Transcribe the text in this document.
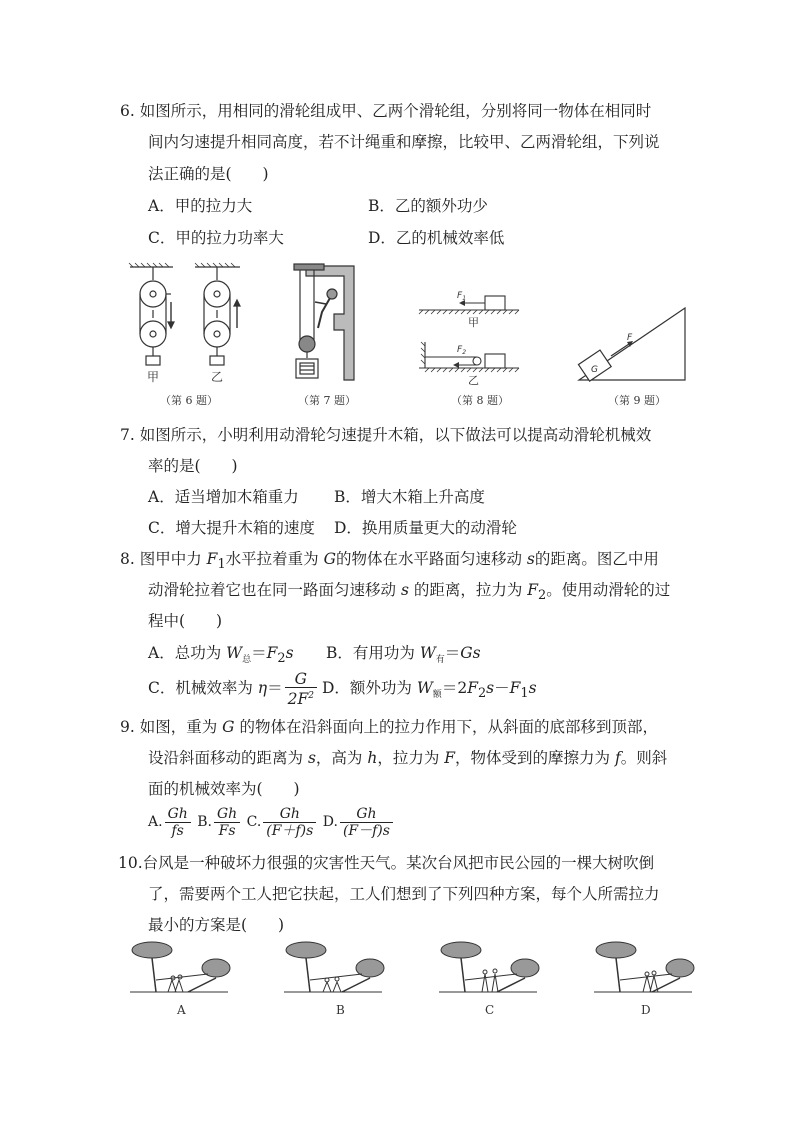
6. 如图所示，用相同的滑轮组成甲、乙两个滑轮组，分别将同一物体在相同时
间内匀速提升相同高度，若不计绳重和摩擦，比较甲、乙两滑轮组，下列说
法正确的是(　　)
A．甲的拉力大	B．乙的额外功少
C．甲的拉力功率大	D．乙的机械效率低
甲	乙
$F_1$
$F_2$
甲
乙
F
G
（第 6 题）	（第 7 题）	（第 8 题）	（第 9 题）
7. 如图所示，小明利用动滑轮匀速提升木箱，以下做法可以提高动滑轮机械效
率的是(　　)
A．适当增加木箱重力 B．增大木箱上升高度
C．增大提升木箱的速度 D．换用质量更大的动滑轮
8. 图甲中力 $F_1$水平拉着重为 G的物体在水平路面匀速移动 s的距离。图乙中用
动滑轮拉着它也在同一路面匀速移动 s 的距离，拉力为 $F_2$。使用动滑轮的过
程中(　　)
A．总功为 $W_总=F_2s$ B．有用功为 $W_有=Gs$
C．机械效率为 $\eta= \frac{G}{2F^2}$ D．额外功为 $W_额=2F_2s-F_1s$
9. 如图，重为 G 的物体在沿斜面向上的拉力作用下，从斜面的底部移到顶部，
设沿斜面移动的距离为 s，高为 h，拉力为 F，物体受到的摩擦力为 f。则斜
面的机械效率为(　　)
A. $\frac{Gh}{fs} B$. $\frac{Gh}{Fs} C$. $\frac{Gh}{(F+f)s} D$. $\frac{Gh}{(F-f)s}$
10.台风是一种破坏力很强的灾害性天气。某次台风把市民公园的一棵大树吹倒
了，需要两个工人把它扶起，工人们想到了下列四种方案，每个人所需拉力
最小的方案是(　　)
A	B	C	D
